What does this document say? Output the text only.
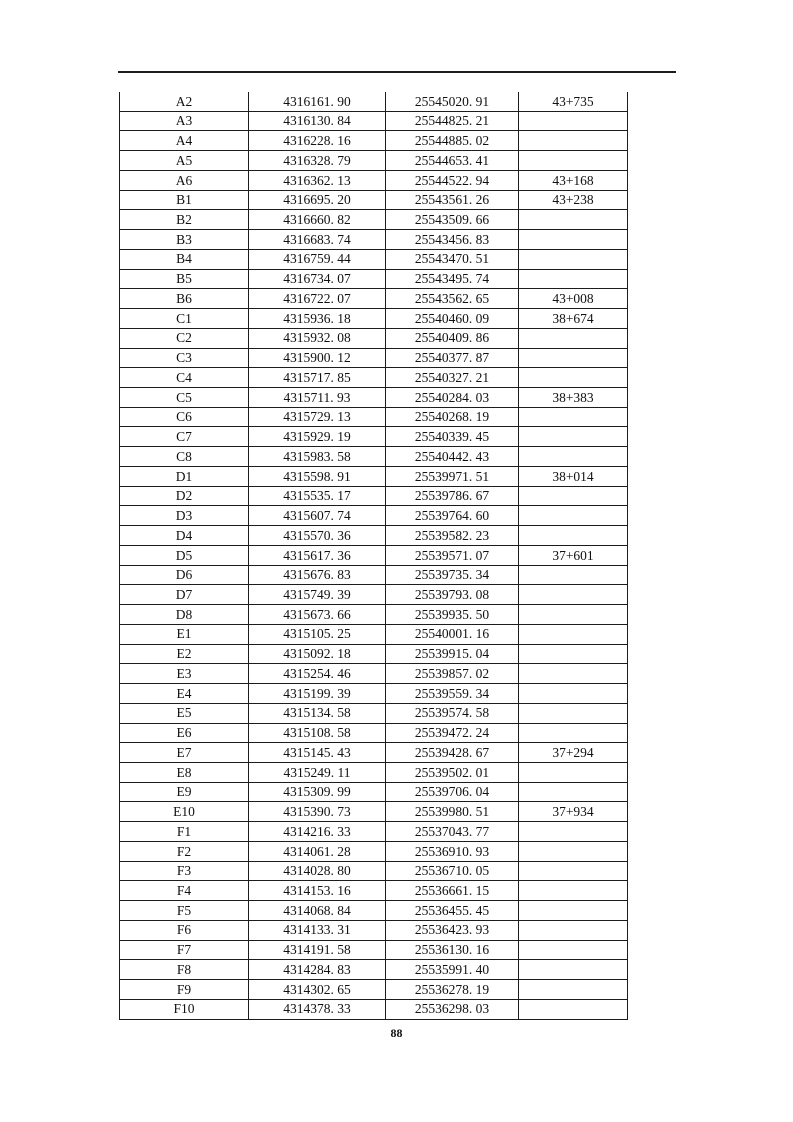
A2	4316161. 90	25545020. 91	43+735
A3	4316130. 84	25544825. 21
A4	4316228. 16	25544885. 02
A5	4316328. 79	25544653. 41
A6	4316362. 13	25544522. 94	43+168
B1	4316695. 20	25543561. 26	43+238
B2	4316660. 82	25543509. 66
B3	4316683. 74	25543456. 83
B4	4316759. 44	25543470. 51
B5	4316734. 07	25543495. 74
B6	4316722. 07	25543562. 65	43+008
C1	4315936. 18	25540460. 09	38+674
C2	4315932. 08	25540409. 86
C3	4315900. 12	25540377. 87
C4	4315717. 85	25540327. 21
C5	4315711. 93	25540284. 03	38+383
C6	4315729. 13	25540268. 19
C7	4315929. 19	25540339. 45
C8	4315983. 58	25540442. 43
D1	4315598. 91	25539971. 51	38+014
D2	4315535. 17	25539786. 67
D3	4315607. 74	25539764. 60
D4	4315570. 36	25539582. 23
D5	4315617. 36	25539571. 07	37+601
D6	4315676. 83	25539735. 34
D7	4315749. 39	25539793. 08
D8	4315673. 66	25539935. 50
E1	4315105. 25	25540001. 16
E2	4315092. 18	25539915. 04
E3	4315254. 46	25539857. 02
E4	4315199. 39	25539559. 34
E5	4315134. 58	25539574. 58
E6	4315108. 58	25539472. 24
E7	4315145. 43	25539428. 67	37+294
E8	4315249. 11	25539502. 01
E9	4315309. 99	25539706. 04
E10	4315390. 73	25539980. 51	37+934
F1	4314216. 33	25537043. 77
F2	4314061. 28	25536910. 93
F3	4314028. 80	25536710. 05
F4	4314153. 16	25536661. 15
F5	4314068. 84	25536455. 45
F6	4314133. 31	25536423. 93
F7	4314191. 58	25536130. 16
F8	4314284. 83	25535991. 40
F9	4314302. 65	25536278. 19
F10	4314378. 33	25536298. 03
88
